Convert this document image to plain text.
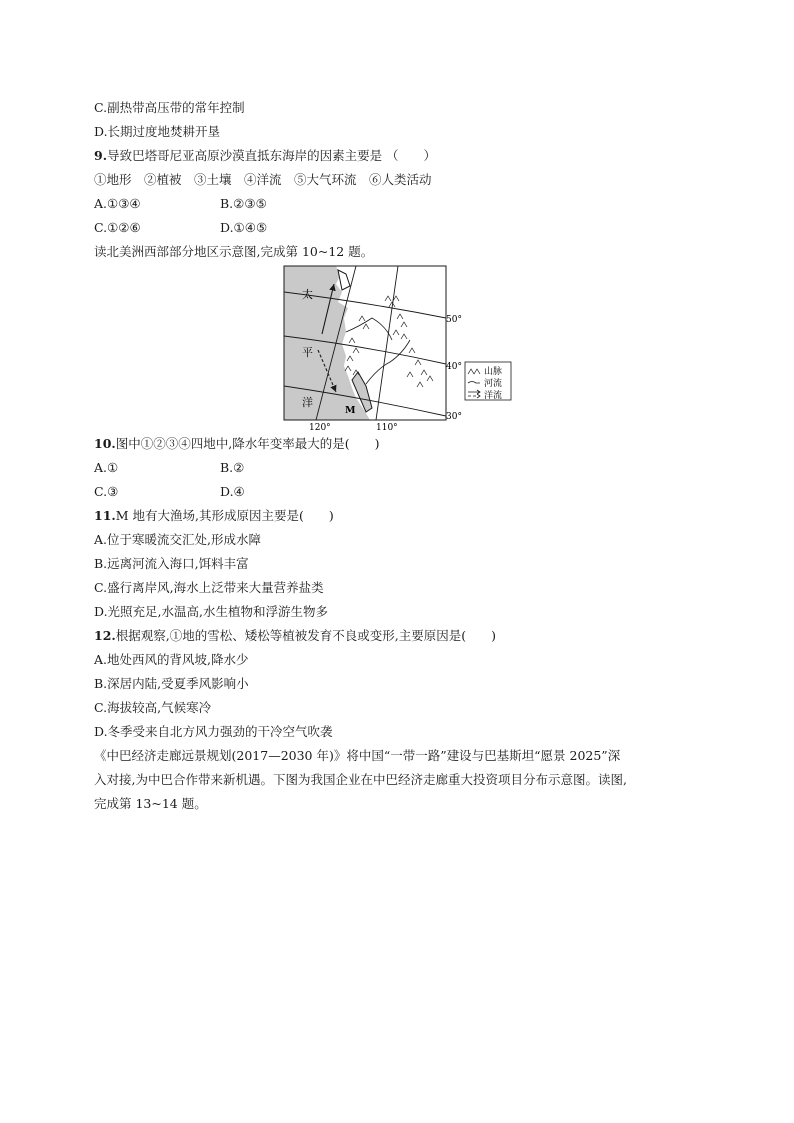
C.副热带高压带的常年控制
D.长期过度地焚耕开垦
9.导致巴塔哥尼亚高原沙漠直抵东海岸的因素主要是 （　　）
①地形　②植被　③土壤　④洋流　⑤大气环流　⑥人类活动
A.①③④	B.②③⑤
C.①②⑥	D.①④⑤
读北美洲西部部分地区示意图,完成第 10~12 题。
太
平
洋
50°
40°
30°
120°	110°
M
山脉
河流
洋流
10.图中①②③④四地中,降水年变率最大的是(　　)
A.①	B.②
C.③	D.④
11.M 地有大渔场,其形成原因主要是(　　)
A.位于寒暖流交汇处,形成水障
B.远离河流入海口,饵料丰富
C.盛行离岸风,海水上泛带来大量营养盐类
D.光照充足,水温高,水生植物和浮游生物多
12.根据观察,①地的雪松、矮松等植被发育不良或变形,主要原因是(　　)
A.地处西风的背风坡,降水少
B.深居内陆,受夏季风影响小
C.海拔较高,气候寒冷
D.冬季受来自北方风力强劲的干冷空气吹袭
《中巴经济走廊远景规划(2017—2030 年)》将中国“一带一路”建设与巴基斯坦“愿景 2025”深
入对接,为中巴合作带来新机遇。下图为我国企业在中巴经济走廊重大投资项目分布示意图。读图,
完成第 13~14 题。
